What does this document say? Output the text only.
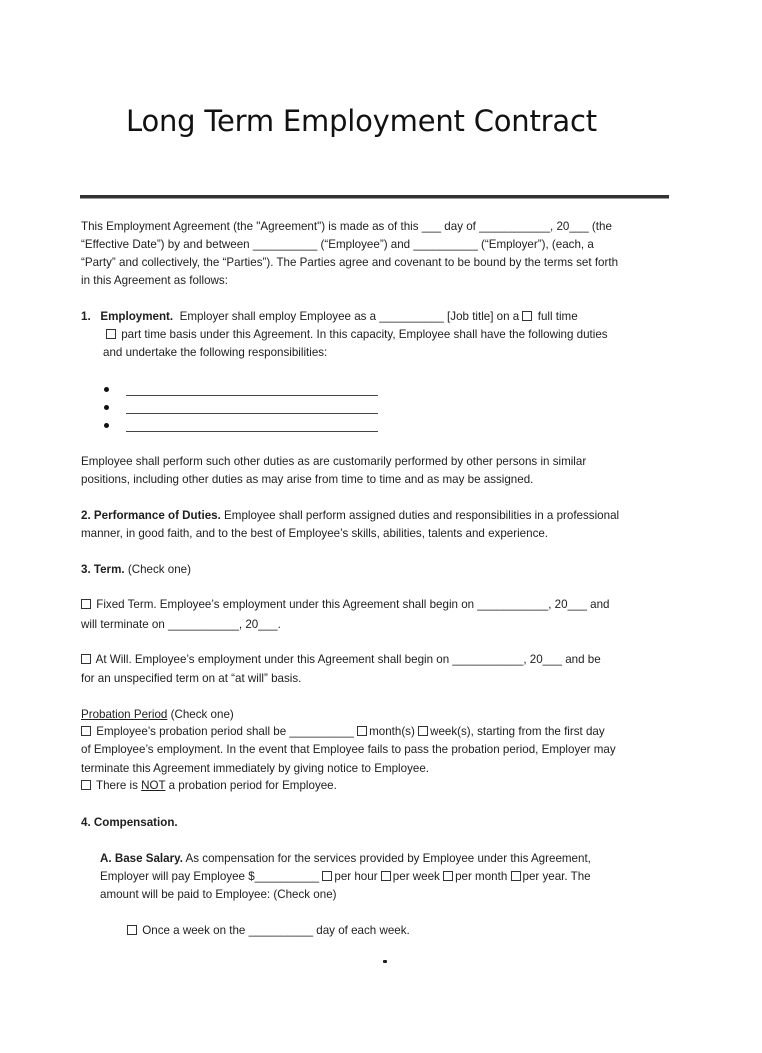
Long Term Employment Contract
This Employment Agreement (the "Agreement") is made as of this ___ day of ___________, 20___ (the
“Effective Date”) by and between __________ (“Employee”) and __________ (“Employer”), (each, a
“Party” and collectively, the “Parties”). The Parties agree and covenant to be bound by the terms set forth
in this Agreement as follows:
1. Employment. Employer shall employ Employee as a __________ [Job title] on a full time
part time basis under this Agreement. In this capacity, Employee shall have the following duties
and undertake the following responsibilities:
Employee shall perform such other duties as are customarily performed by other persons in similar
positions, including other duties as may arise from time to time and as may be assigned.
2. Performance of Duties. Employee shall perform assigned duties and responsibilities in a professional
manner, in good faith, and to the best of Employee’s skills, abilities, talents and experience.
3. Term. (Check one)
Fixed Term. Employee’s employment under this Agreement shall begin on ___________, 20___ and
will terminate on ___________, 20___.
At Will. Employee’s employment under this Agreement shall begin on ___________, 20___ and be
for an unspecified term on at “at will” basis.
Probation Period (Check one)
Employee’s probation period shall be __________ month(s) week(s), starting from the first day
of Employee’s employment. In the event that Employee fails to pass the probation period, Employer may
terminate this Agreement immediately by giving notice to Employee.
There is NOT a probation period for Employee.
4. Compensation.
A. Base Salary. As compensation for the services provided by Employee under this Agreement,
Employer will pay Employee $__________ per hour per week per month per year. The
amount will be paid to Employee: (Check one)
Once a week on the __________ day of each week.
